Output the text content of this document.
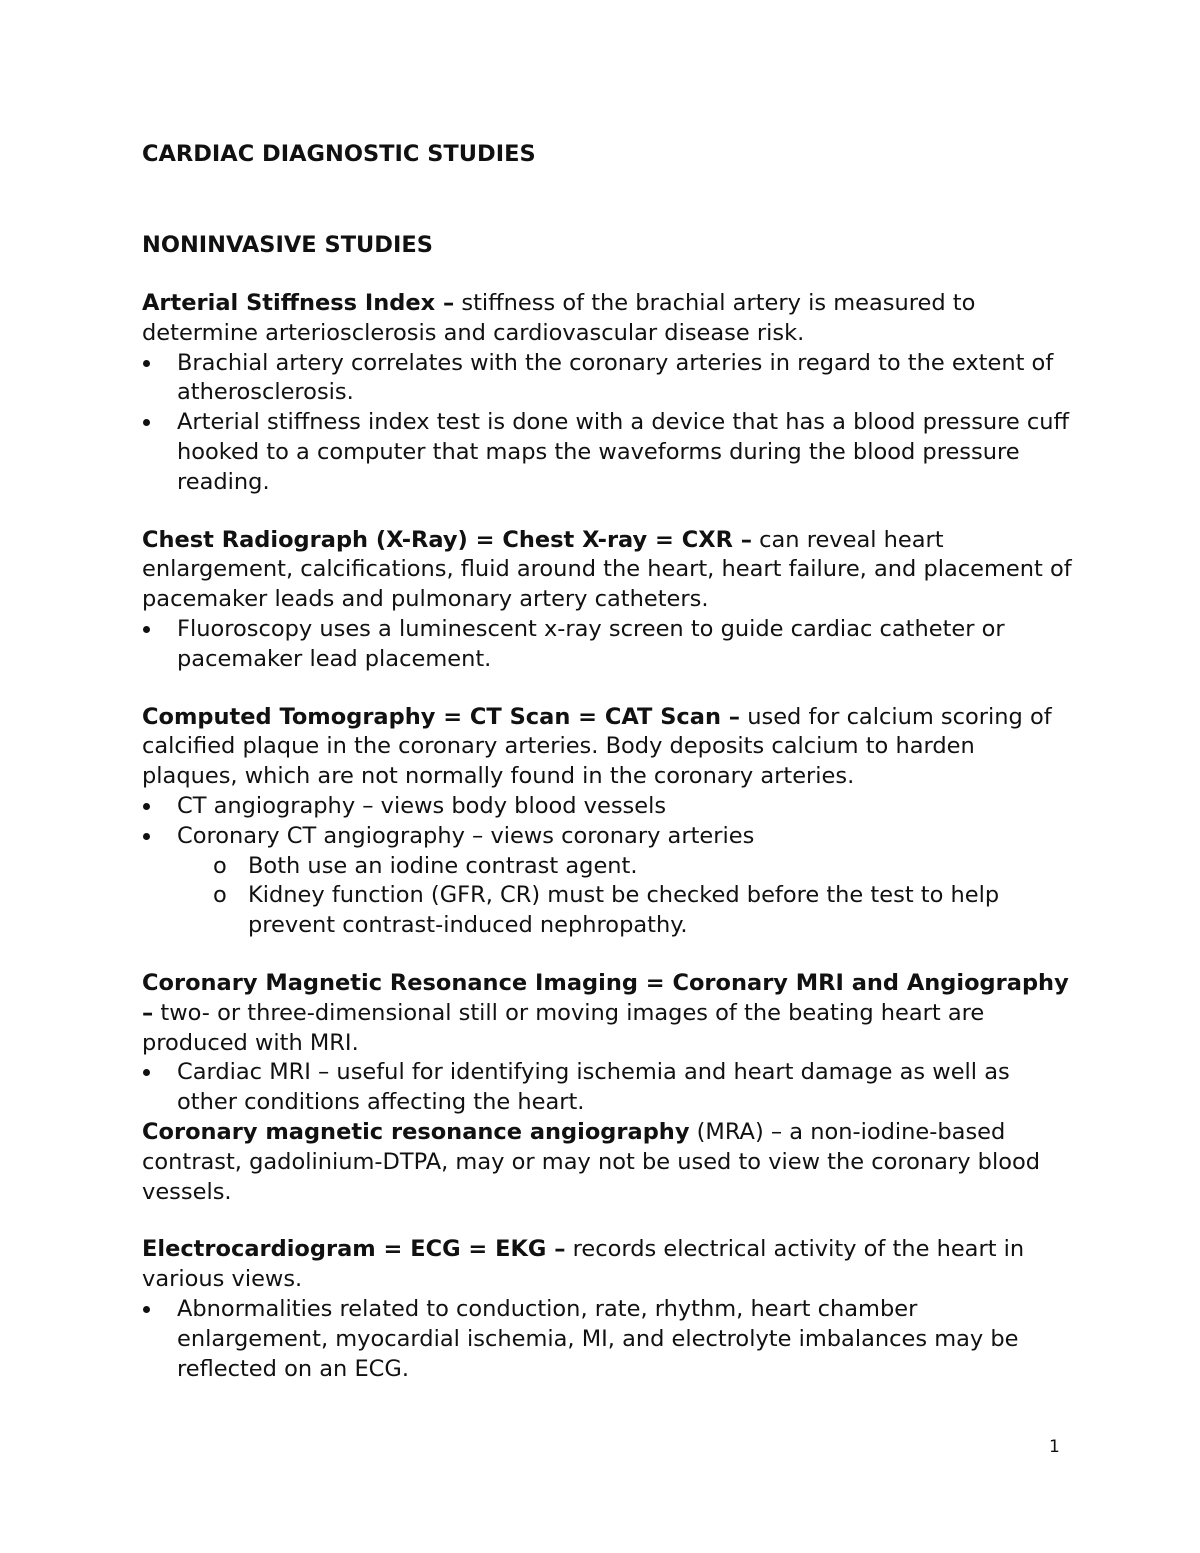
CARDIAC DIAGNOSTIC STUDIES
NONINVASIVE STUDIES

Arterial Stiffness Index – stiffness of the brachial artery is measured to determine arteriosclerosis and cardiovascular disease risk.

Brachial artery correlates with the coronary arteries in regard to the extent of atherosclerosis.
Arterial stiffness index test is done with a device that has a blood pressure cuff hooked to a computer that maps the waveforms during the blood pressure reading.

Chest Radiograph (X-Ray) = Chest X-ray = CXR – can reveal heart enlargement, calcifications, fluid around the heart, heart failure, and placement of pacemaker leads and pulmonary artery catheters.

Fluoroscopy uses a luminescent x-ray screen to guide cardiac catheter or pacemaker lead placement.

Computed Tomography = CT Scan = CAT Scan – used for calcium scoring of calcified plaque in the coronary arteries. Body deposits calcium to harden plaques, which are not normally found in the coronary arteries.

CT angiography – views body blood vessels
Coronary CT angiography – views coronary arteries
o Both use an iodine contrast agent.
o Kidney function (GFR, CR) must be checked before the test to help prevent contrast-induced nephropathy.

Coronary Magnetic Resonance Imaging = Coronary MRI and Angiography – two- or three-dimensional still or moving images of the beating heart are produced with MRI.

Cardiac MRI – useful for identifying ischemia and heart damage as well as other conditions affecting the heart.

Coronary magnetic resonance angiography (MRA) – a non-iodine-based contrast, gadolinium-DTPA, may or may not be used to view the coronary blood vessels.

Electrocardiogram = ECG = EKG – records electrical activity of the heart in various views.

Abnormalities related to conduction, rate, rhythm, heart chamber enlargement, myocardial ischemia, MI, and electrolyte imbalances may be reflected on an ECG.
1
